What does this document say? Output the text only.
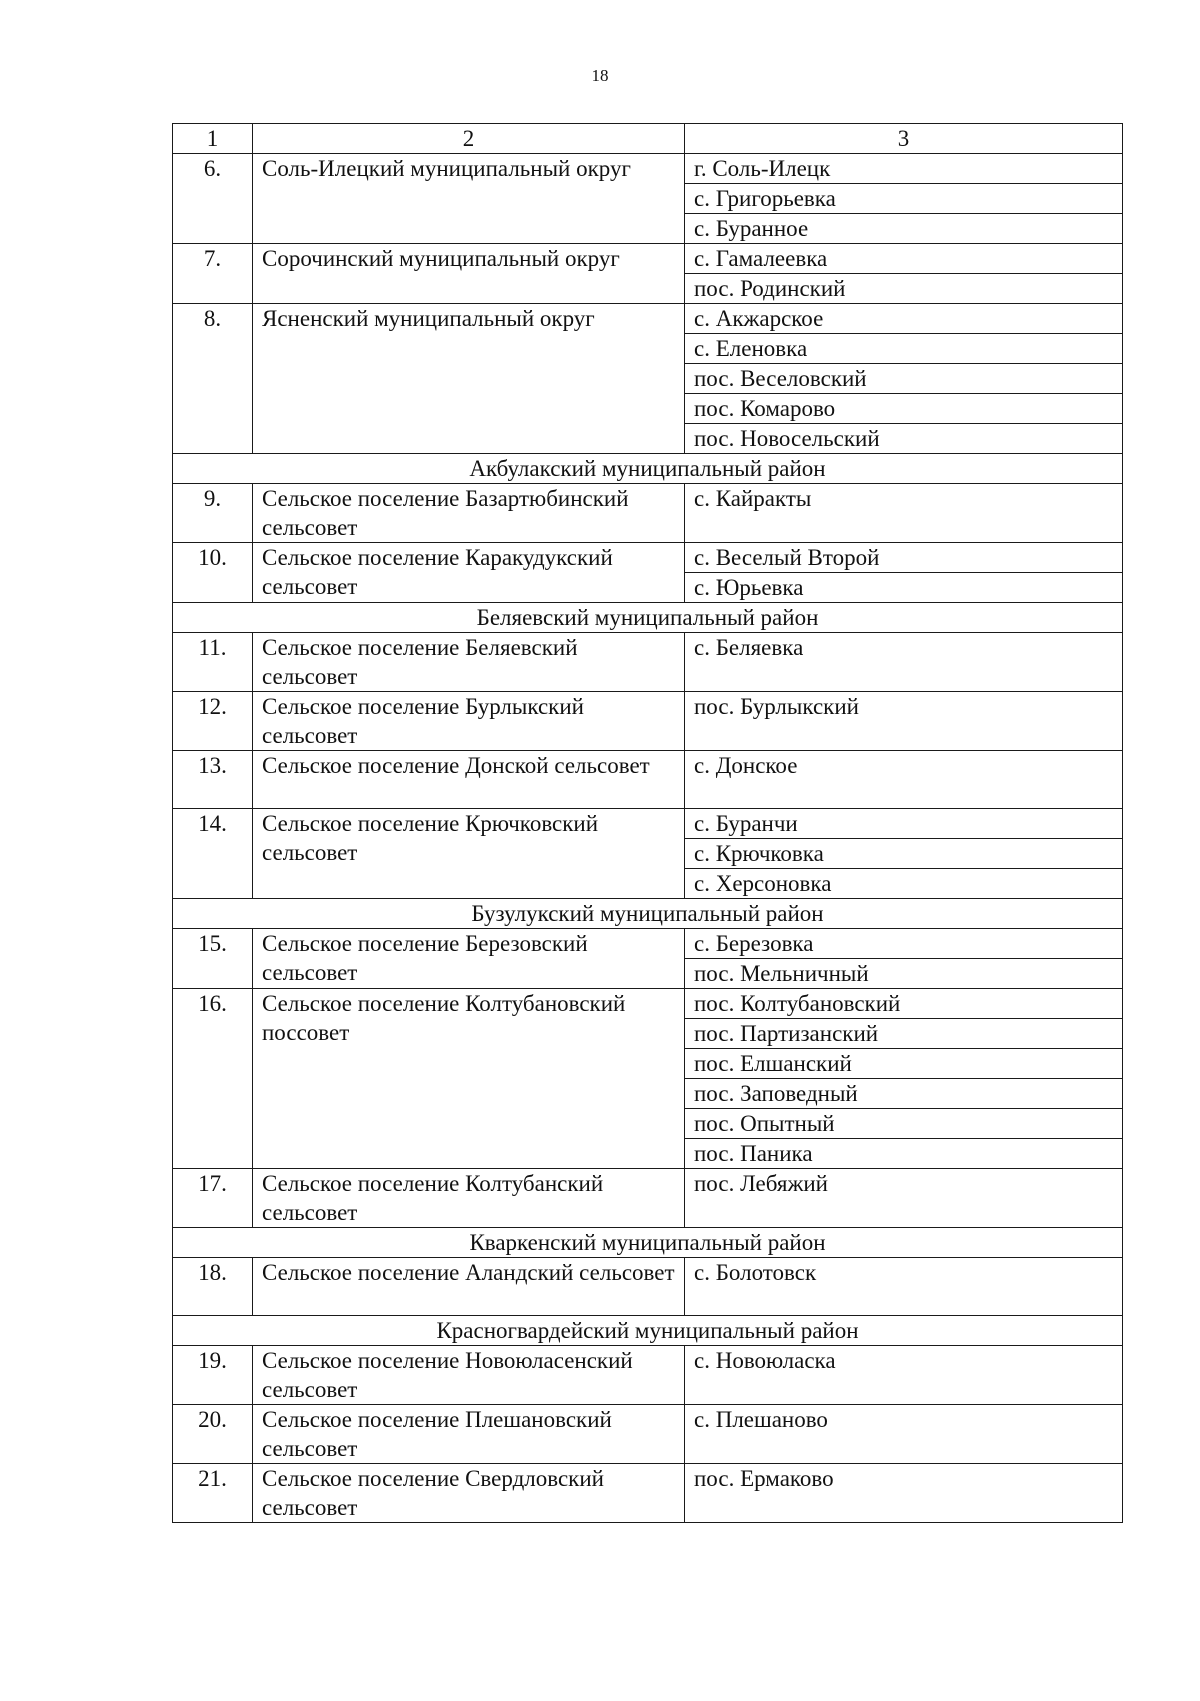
18
1	2	3
6.	Соль-Илецкий муниципальный округ	г. Соль-Илецк
		с. Григорьевка
		с. Буранное
7.	Сорочинский муниципальный округ	с. Гамалеевка
		пос. Родинский
8.	Ясненский муниципальный округ	с. Акжарское
		с. Еленовка
		пос. Веселовский
		пос. Комарово
		пос. Новосельский
Акбулакский муниципальный район		
9.	Сельское поселение Базартюбинский сельсовет	с. Кайракты
10.	Сельское поселение Каракудукский сельсовет	с. Веселый Второй
		с. Юрьевка
Беляевский муниципальный район		
11.	Сельское поселение Беляевский сельсовет	с. Беляевка
12.	Сельское поселение Бурлыкский сельсовет	пос. Бурлыкский
13.	Сельское поселение Донской сельсовет	с. Донское
14.	Сельское поселение Крючковский сельсовет	с. Буранчи
		с. Крючковка
		с. Херсоновка
Бузулукский муниципальный район		
15.	Сельское поселение Березовский сельсовет	с. Березовка
		пос. Мельничный
16.	Сельское поселение Колтубановский поссовет	пос. Колтубановский
		пос. Партизанский
		пос. Елшанский
		пос. Заповедный
		пос. Опытный
		пос. Паника
17.	Сельское поселение Колтубанский сельсовет	пос. Лебяжий
Кваркенский муниципальный район		
18.	Сельское поселение Аландский сельсовет	с. Болотовск
Красногвардейский муниципальный район		
19.	Сельское поселение Новоюласенский сельсовет	с. Новоюласка
20.	Сельское поселение Плешановский сельсовет	с. Плешаново
21.	Сельское поселение Свердловский сельсовет	пос. Ермаково
